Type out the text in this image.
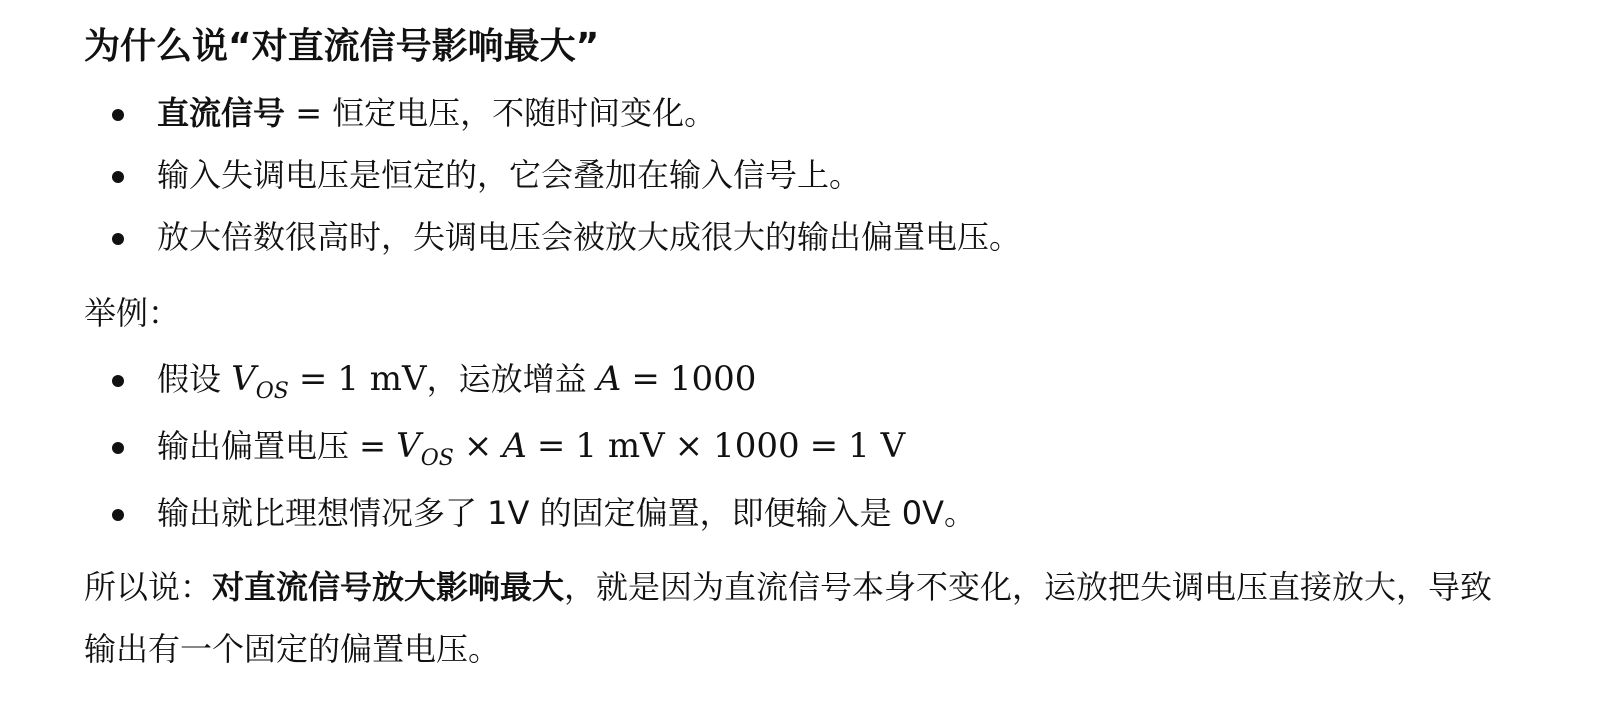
为什么说“对直流信号影响最大”
直流信号 = 恒定电压，不随时间变化。
输入失调电压是恒定的，它会叠加在输入信号上。
放大倍数很高时，失调电压会被放大成很大的输出偏置电压。

举例：

假设 $V_{OS} = 1$ mV，运放增益 A = 1000
输出偏置电压 = $V_{OS} \times A = 1$ mV × 1000 = 1 V
输出就比理想情况多了 1V 的固定偏置，即便输入是 0V。

所以说：对直流信号放大影响最大，就是因为直流信号本身不变化，运放把失调电压直接放大，导致输出有一个固定的偏置电压。
